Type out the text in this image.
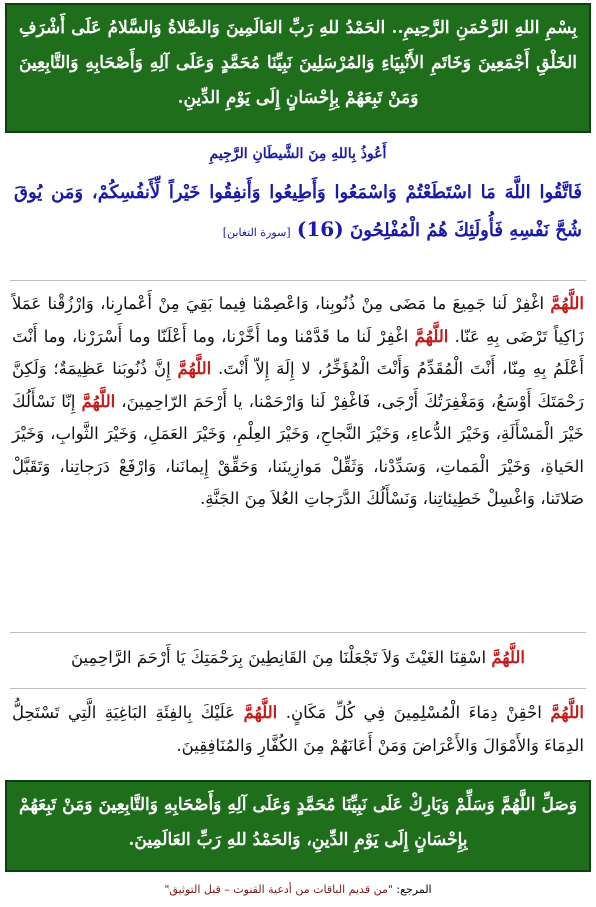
بِسْمِ اللهِ الرَّحْمَنِ الرَّحِيمِ.. الحَمْدُ للهِ رَبِّ العَالَمِينَ وَالصَّلاةُ وَالسَّلامُ عَلَى أَشْرَفِ الخَلْقِ أَجْمَعِينَ وَخَاتَمِ الأَنْبِيَاءِ وَالمُرْسَلِينَ نَبِيِّنَا مُحَمَّدٍ وَعَلَى آلِهِ وَأَصْحَابِهِ وَالتَّابِعِينَ وَمَنْ تَبِعَهُمْ بِإِحْسَانٍ إِلَى يَوْمِ الدِّينِ.
أَعُوذُ بِاللهِ مِنَ الشَّيطَانِ الرَّجِيمِ
فَاتَّقُوا اللَّهَ مَا اسْتَطَعْتُمْ وَاسْمَعُوا وَأَطِيعُوا وَأَنفِقُوا خَيْراً لِّأَنفُسِكُمْ، وَمَن يُوقَ شُحَّ نَفْسِهِ فَأُولَئِكَ هُمُ الْمُفْلِحُونَ (16) [سورة التغابن]
اللَّهُمَّ اغْفِرْ لَنا جَمِيعَ ما مَضَى مِنْ ذُنُوبِنا، وَاعْصِمْنا فِيما بَقِيَ مِنْ أَعْمارِنا، وَارْزُقْنا عَمَلاً زَاكِياً تَرْضَى بِهِ عَنّا. اللَّهُمَّ اغْفِرْ لَنا ما قَدَّمْنا وما أَخَّرْنا، وما أَعْلَنّا وما أَسْرَرْنا، وما أَنْتَ أَعْلَمُ بِهِ مِنّا، أَنْتَ الْمُقَدِّمُ وَأَنْتَ الْمُؤَخِّرُ، لا إِلَهَ إِلاّ أَنْتَ. اللَّهُمَّ إِنَّ ذُنُوبَنا عَظِيمَةٌ؛ وَلَكِنَّ رَحْمَتَكَ أَوْسَعُ، وَمَغْفِرَتُكَ أَرْجَى، فَاغْفِرْ لَنا وَارْحَمْنا، يا أَرْحَمَ الرّاحِمِينَ، اللَّهُمَّ إِنّا نَسْأَلُكَ خَيْرَ الْمَسْأَلَةِ، وَخَيْرَ الدُّعاءِ، وَخَيْرَ النَّجاحِ، وَخَيْرَ العِلْمِ، وَخَيْرَ العَمَلِ، وَخَيْرَ الثَّوابِ، وَخَيْرَ الحَياةِ، وَخَيْرَ الْمَماتِ، وَسَدِّدْنا، وَثَقِّلْ مَوازِينَنا، وَحَقِّقْ إِيمانَنا، وَارْفَعْ دَرَجاتِنا، وَتَقَبَّلْ صَلاتَنا، وَاغْسِلْ خَطِيئاتِنا، وَنَسْأَلُكَ الدَّرَجاتِ العُلاَ مِنَ الجَنَّةِ.
اللَّهُمَّ اسْقِنَا الغَيْثَ وَلاَ تَجْعَلْنَا مِنَ القَانِطِينَ بِرَحْمَتِكَ يَا أَرْحَمَ الرَّاحِمِينَ
اللَّهُمَّ احْقِنْ دِمَاءَ الْمُسْلِمِينَ فِي كُلِّ مَكَانٍ. اللَّهُمَّ عَلَيْكَ بِالفِئَةِ البَاغِيَةِ الَّتِي تَسْتَحِلُّ الدِمَاءَ وَالأَمْوَالَ وَالأَعْرَاضَ وَمَنْ أَعَانَهُمْ مِنَ الكُفَّارِ وَالمُنَافِقِينَ.
وَصَلِّ اللَّهُمَّ وَسَلِّمْ وَبَارِكْ عَلَى نَبِيِّنَا مُحَمَّدٍ وَعَلَى آلِهِ وَأَصْحَابِهِ وَالتَّابِعِينَ وَمَنْ تَبِعَهُمْ بِإِحْسَانٍ إِلَى يَوْمِ الدِّينِ، وَالحَمْدُ للهِ رَبِّ العَالَمِينَ.
المرجع: "من قديم الباقات من أدعية القنوت – قبل التوثيق"
